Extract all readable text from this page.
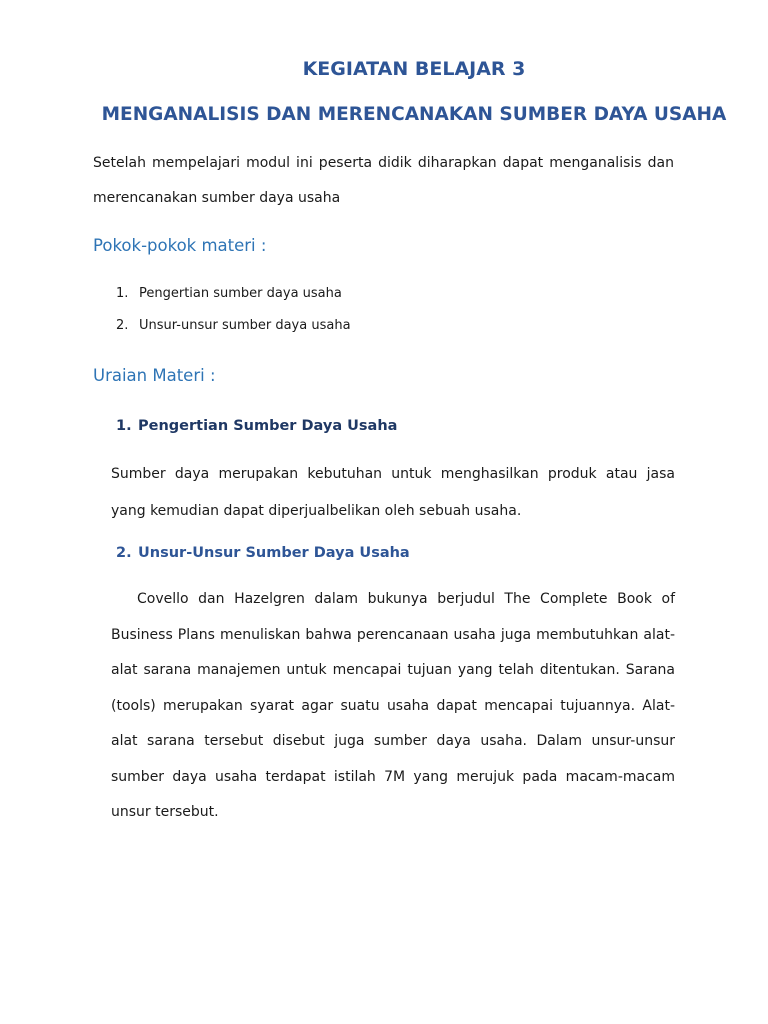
KEGIATAN BELAJAR 3
MENGANALISIS DAN MERENCANAKAN SUMBER DAYA USAHA

Setelah mempelajari modul ini peserta didik diharapkan dapat menganalisis dan merencanakan sumber daya usaha

Pokok-pokok materi :
1. Pengertian sumber daya usaha
2. Unsur-unsur sumber daya usaha
Uraian Materi :
1. Pengertian Sumber Daya Usaha

Sumber daya merupakan kebutuhan untuk menghasilkan produk atau jasa yang kemudian dapat diperjualbelikan oleh sebuah usaha.

2. Unsur-Unsur Sumber Daya Usaha

Covello dan Hazelgren dalam bukunya berjudul The Complete Book of Business Plans menuliskan bahwa perencanaan usaha juga membutuhkan alat-alat sarana manajemen untuk mencapai tujuan yang telah ditentukan. Sarana (tools) merupakan syarat agar suatu usaha dapat mencapai tujuannya. Alat-alat sarana tersebut disebut juga sumber daya usaha. Dalam unsur-unsur sumber daya usaha terdapat istilah 7M yang merujuk pada macam-macam unsur tersebut.
